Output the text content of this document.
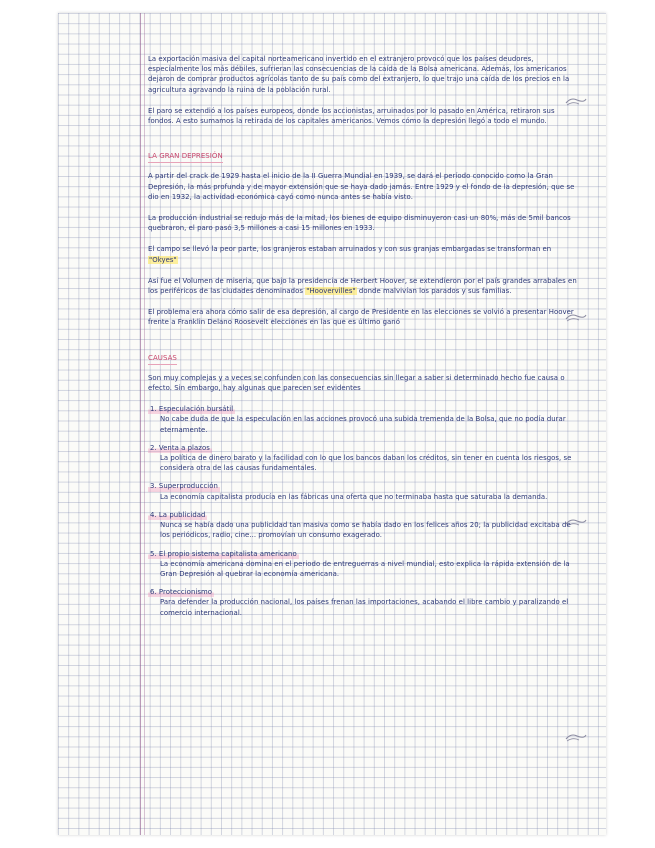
La exportación masiva del capital norteamericano invertido en el extranjero provocó que los países deudores, especialmente los más débiles, sufrieran las consecuencias de la caída de la Bolsa americana. Además, los americanos dejaron de comprar productos agrícolas tanto de su país como del extranjero, lo que trajo una caída de los precios en la agricultura agravando la ruina de la población rural.

El paro se extendió a los países europeos, donde los accionistas, arruinados por lo pasado en América, retiraron sus fondos. A esto sumamos la retirada de los capitales americanos. Vemos cómo la depresión llegó a todo el mundo.

LA GRAN DEPRESIÓN

A partir del crack de 1929 hasta el inicio de la II Guerra Mundial en 1939, se dará el período conocido como la Gran Depresión, la más profunda y de mayor extensión que se haya dado jamás. Entre 1929 y el fondo de la depresión, que se dio en 1932, la actividad económica cayó como nunca antes se había visto.

La producción industrial se redujo más de la mitad, los bienes de equipo disminuyeron casi un 80%, más de 5mil bancos quebraron, el paro pasó 3,5 millones a casi 15 millones en 1933.

El campo se llevó la peor parte, los granjeros estaban arruinados y con sus granjas embargadas se transforman en "Okyes"

Así fue el Volumen de miseria, que bajo la presidencia de Herbert Hoover, se extendieron por el país grandes arrabales en los periféricos de las ciudades denominados "Hoovervilles" donde malvivían los parados y sus familias.

El problema era ahora cómo salir de esa depresión, al cargo de Presidente en las elecciones se volvió a presentar Hoover frente a Franklin Delano Roosevelt elecciones en las que es último ganó

CAUSAS

Son muy complejas y a veces se confunden con las consecuencias sin llegar a saber si determinado hecho fue causa o efecto. Sin embargo, hay algunas que parecen ser evidentes

1. Especulación bursátil
No cabe duda de que la especulación en las acciones provocó una subida tremenda de la Bolsa, que no podía durar eternamente.
2. Venta a plazos
La política de dinero barato y la facilidad con lo que los bancos daban los créditos, sin tener en cuenta los riesgos, se considera otra de las causas fundamentales.
3. Superproducción
La economía capitalista producía en las fábricas una oferta que no terminaba hasta que saturaba la demanda.
4. La publicidad
Nunca se había dado una publicidad tan masiva como se había dado en los felices años 20; la publicidad excitaba de los periódicos, radio, cine... promovían un consumo exagerado.
5. El propio sistema capitalista americano
La economía americana domina en el periodo de entreguerras a nivel mundial, esto explica la rápida extensión de la Gran Depresión al quebrar la economía americana.
6. Proteccionismo
Para defender la producción nacional, los países frenan las importaciones, acabando el libre cambio y paralizando el comercio internacional.
